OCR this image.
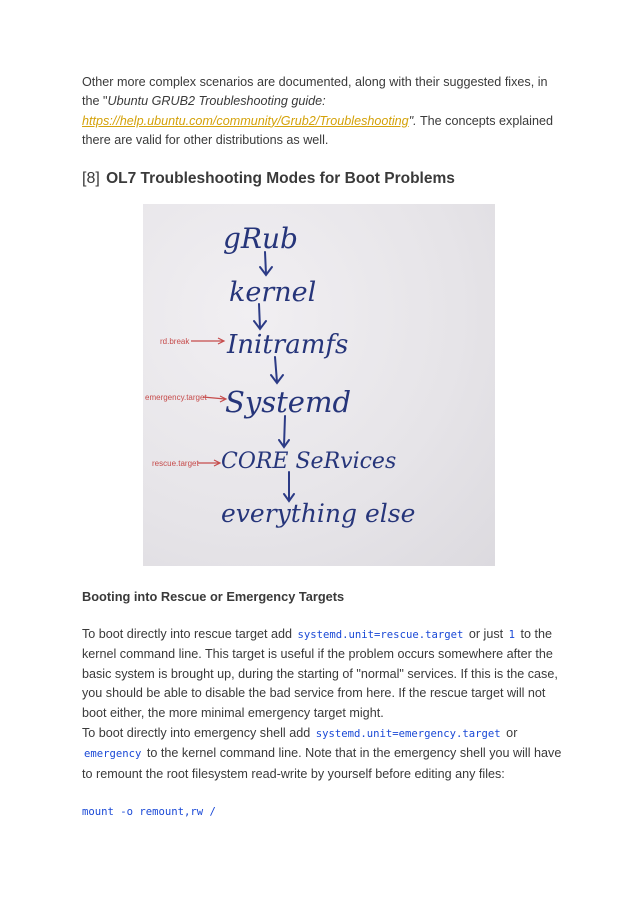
Other more complex scenarios are documented, along with their suggested fixes, in the "Ubuntu GRUB2 Troubleshooting guide: https://help.ubuntu.com/community/Grub2/Troubleshooting". The concepts explained there are valid for other distributions as well.

[8] OL7 Troubleshooting Modes for Boot Problems
gRub
kernel
Initramfs
Systemd
CORE SeRvices
everything else
rd.break
emergency.target
rescue.target
Booting into Rescue or Emergency Targets

To boot directly into rescue target add systemd.unit=rescue.target or just 1 to the kernel command line. This target is useful if the problem occurs somewhere after the basic system is brought up, during the starting of "normal" services. If this is the case, you should be able to disable the bad service from here. If the rescue target will not boot either, the more minimal emergency target might.

To boot directly into emergency shell add systemd.unit=emergency.target or emergency to the kernel command line. Note that in the emergency shell you will have to remount the root filesystem read-write by yourself before editing any files:

mount -o remount,rw /
